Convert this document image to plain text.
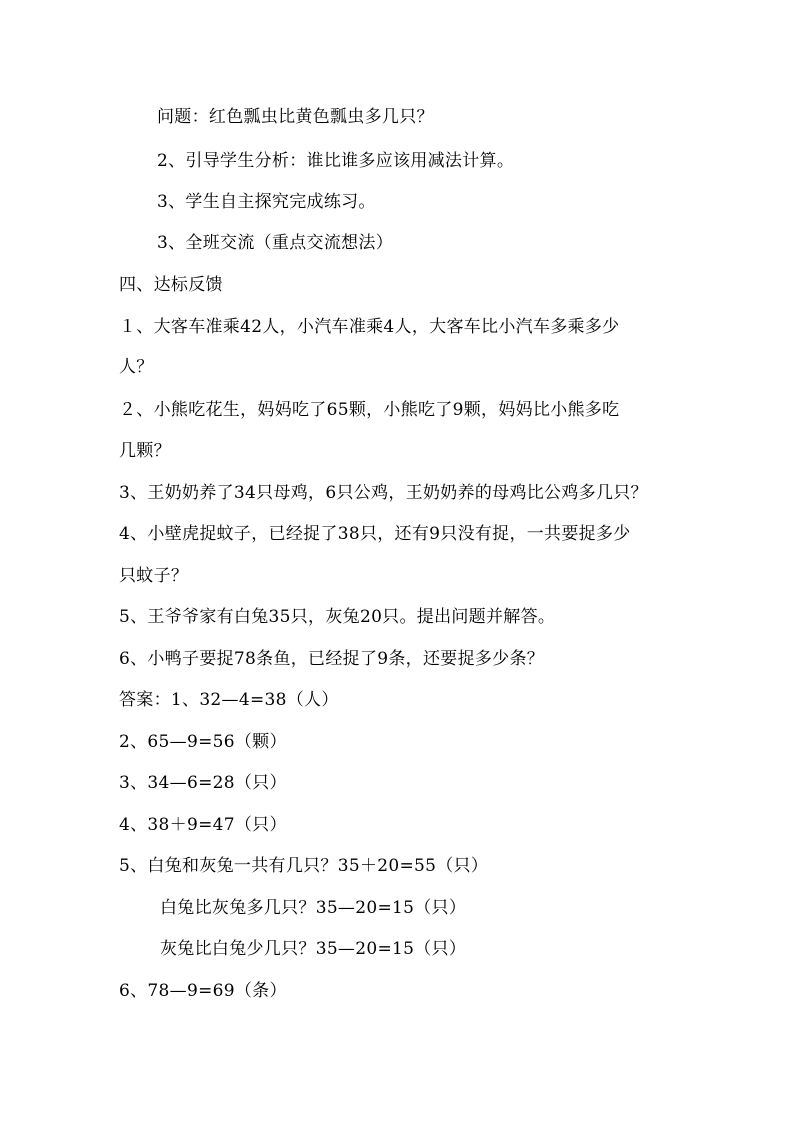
问题：红色瓢虫比黄色瓢虫多几只？
2、引导学生分析：谁比谁多应该用减法计算。
3、学生自主探究完成练习。
3、全班交流（重点交流想法）
四、达标反馈
１、大客车准乘42人，小汽车准乘4人，大客车比小汽车多乘多少
人？
２、小熊吃花生，妈妈吃了65颗，小熊吃了9颗，妈妈比小熊多吃
几颗？
3、王奶奶养了34只母鸡，6只公鸡，王奶奶养的母鸡比公鸡多几只？
4、小壁虎捉蚊子，已经捉了38只，还有9只没有捉，一共要捉多少
只蚊子？
5、王爷爷家有白兔35只，灰兔20只。提出问题并解答。
6、小鸭子要捉78条鱼，已经捉了9条，还要捉多少条？
答案：1、32—4=38（人）
2、65—9=56（颗）
3、34—6=28（只）
4、38＋9=47（只）
5、白兔和灰兔一共有几只？35＋20=55（只）
白兔比灰兔多几只？35—20=15（只）
灰兔比白兔少几只？35—20=15（只）
6、78—9=69（条）
